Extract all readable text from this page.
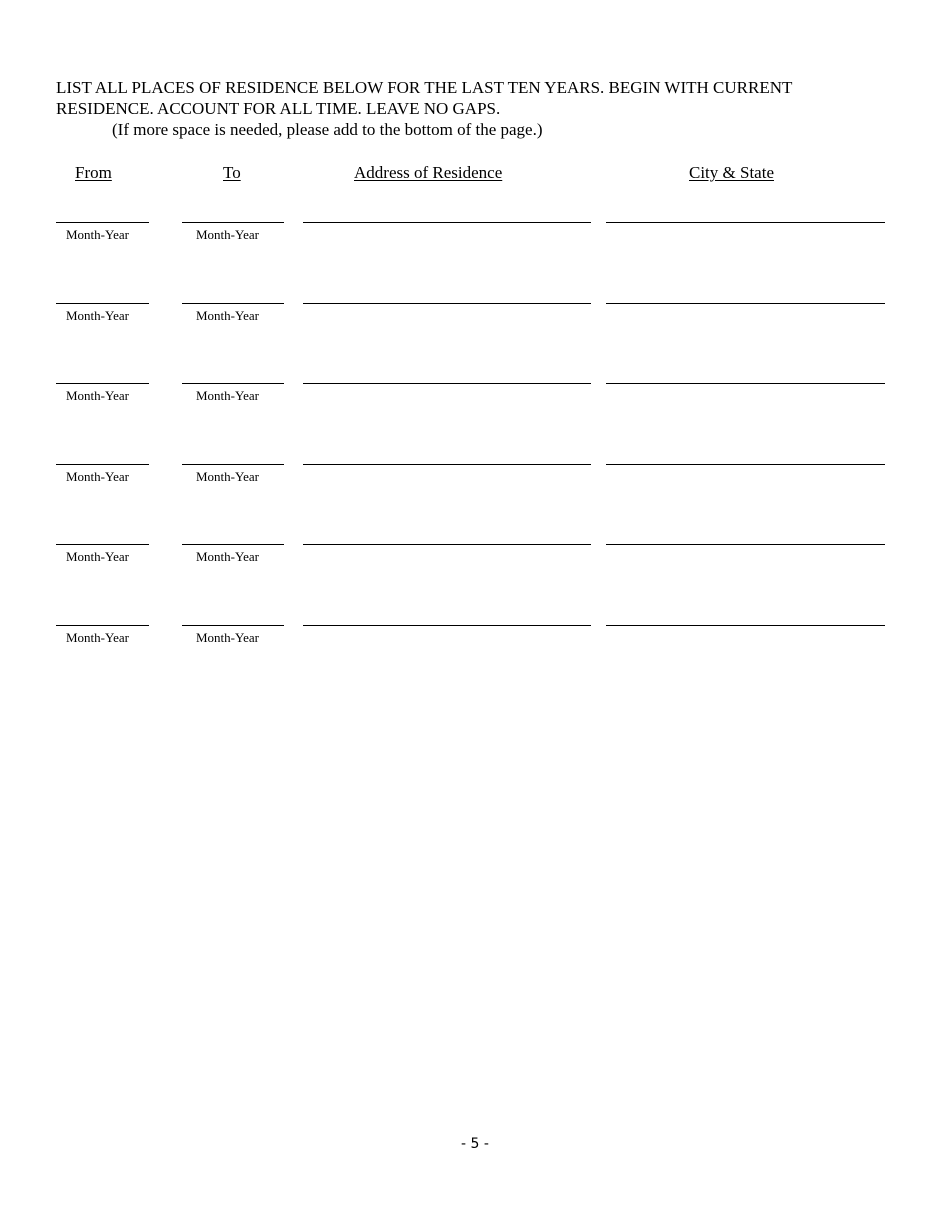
LIST ALL PLACES OF RESIDENCE BELOW FOR THE LAST TEN YEARS. BEGIN WITH CURRENT
RESIDENCE. ACCOUNT FOR ALL TIME. LEAVE NO GAPS.
(If more space is needed, please add to the bottom of the page.)
From	To	Address of Residence	City & State
Month-Year	Month-Year
Month-Year	Month-Year
Month-Year	Month-Year
Month-Year	Month-Year
Month-Year	Month-Year
Month-Year	Month-Year
- 5 -
